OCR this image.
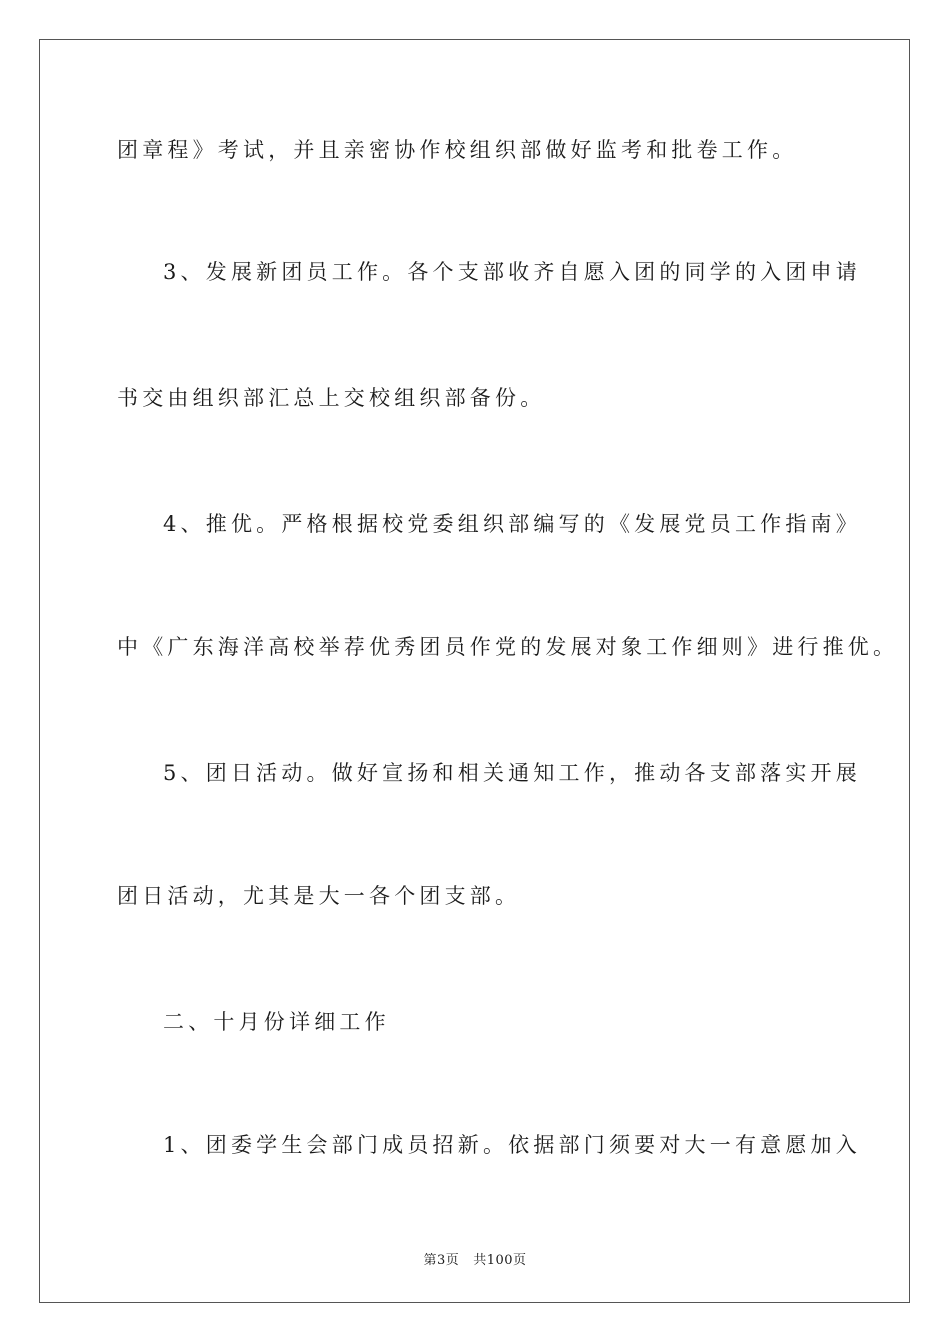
团章程》考试，并且亲密协作校组织部做好监考和批卷工作。
3、发展新团员工作。各个支部收齐自愿入团的同学的入团申请
书交由组织部汇总上交校组织部备份。
4、推优。严格根据校党委组织部编写的《发展党员工作指南》
中《广东海洋高校举荐优秀团员作党的发展对象工作细则》进行推优。
5、团日活动。做好宣扬和相关通知工作，推动各支部落实开展
团日活动，尤其是大一各个团支部。
二、十月份详细工作
1、团委学生会部门成员招新。依据部门须要对大一有意愿加入
第3页 共100页
